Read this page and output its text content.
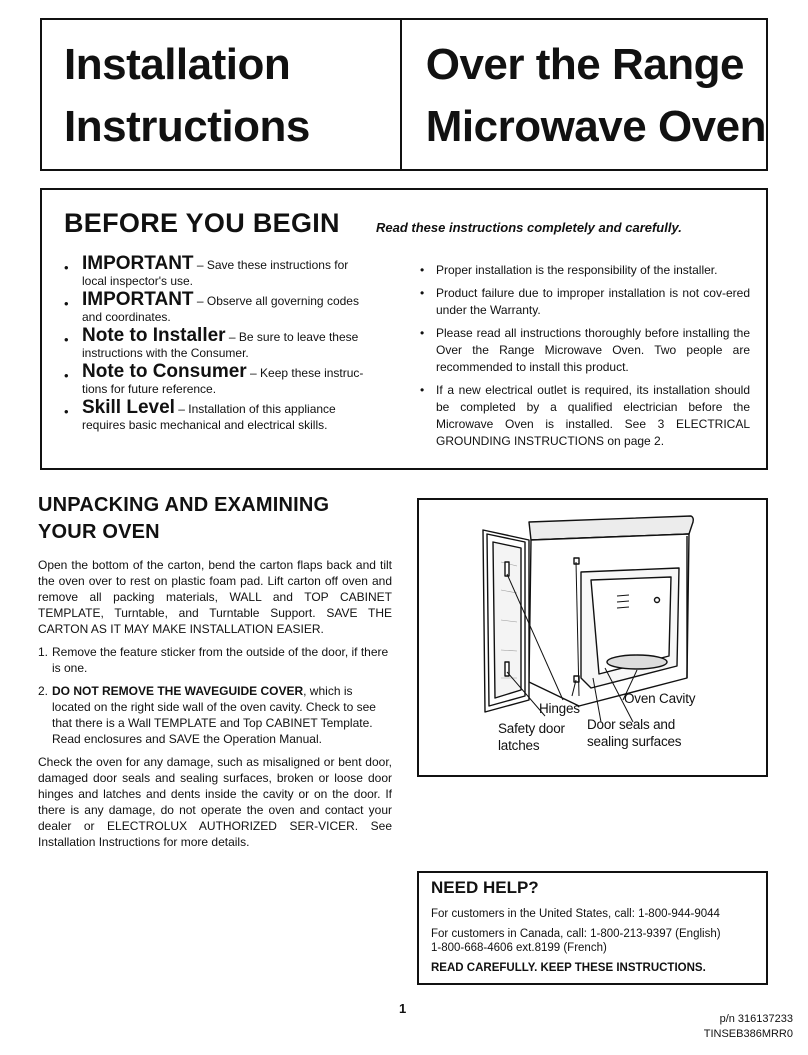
Installation
Instructions
Over the Range
Microwave Oven
BEFORE YOU BEGIN	Read these instructions completely and carefully.
• IMPORTANT – Save these instructions for
local inspector's use.
• IMPORTANT – Observe all governing codes
and coordinates.
• Note to Installer – Be sure to leave these
instructions with the Consumer.
• Note to Consumer – Keep these instruc-
tions for future reference.
• Skill Level – Installation of this appliance
requires basic mechanical and electrical skills.
• Proper installation is the responsibility of the installer.
• Product failure due to improper installation is not cov-ered under the Warranty.
• Please read all instructions thoroughly before installing the Over the Range Microwave Oven. Two people are recommended to install this product.
• If a new electrical outlet is required, its installation should be completed by a qualified electrician before the Microwave Oven is installed. See 3 ELECTRICAL GROUNDING INSTRUCTIONS on page 2.
UNPACKING AND EXAMINING
YOUR OVEN

Open the bottom of the carton, bend the carton flaps back and tilt the oven over to rest on plastic foam pad. Lift carton off oven and remove all packing materials, WALL and TOP CABINET TEMPLATE, Turntable, and Turntable Support. SAVE THE CARTON AS IT MAY MAKE INSTALLATION EASIER.

1. Remove the feature sticker from the outside of the door, if there is one.
2. DO NOT REMOVE THE WAVEGUIDE COVER, which is located on the right side wall of the oven cavity. Check to see that there is a Wall TEMPLATE and Top CABINET Template. Read enclosures and SAVE the Operation Manual.

Check the oven for any damage, such as misaligned or bent door, damaged door seals and sealing surfaces, broken or loose door hinges and latches and dents inside the cavity or on the door. If there is any damage, do not operate the oven and contact your dealer or ELECTROLUX AUTHORIZED SER-VICER. See Installation Instructions for more details.

Hinges
Oven Cavity
Safety door
latches
Door seals and
sealing surfaces
NEED HELP?

For customers in the United States, call: 1-800-944-9044

For customers in Canada, call: 1-800-213-9397 (English)
1-800-668-4606 ext.8199 (French)

READ CAREFULLY. KEEP THESE INSTRUCTIONS.

1
p/n 316137233
TINSEB386MRR0
